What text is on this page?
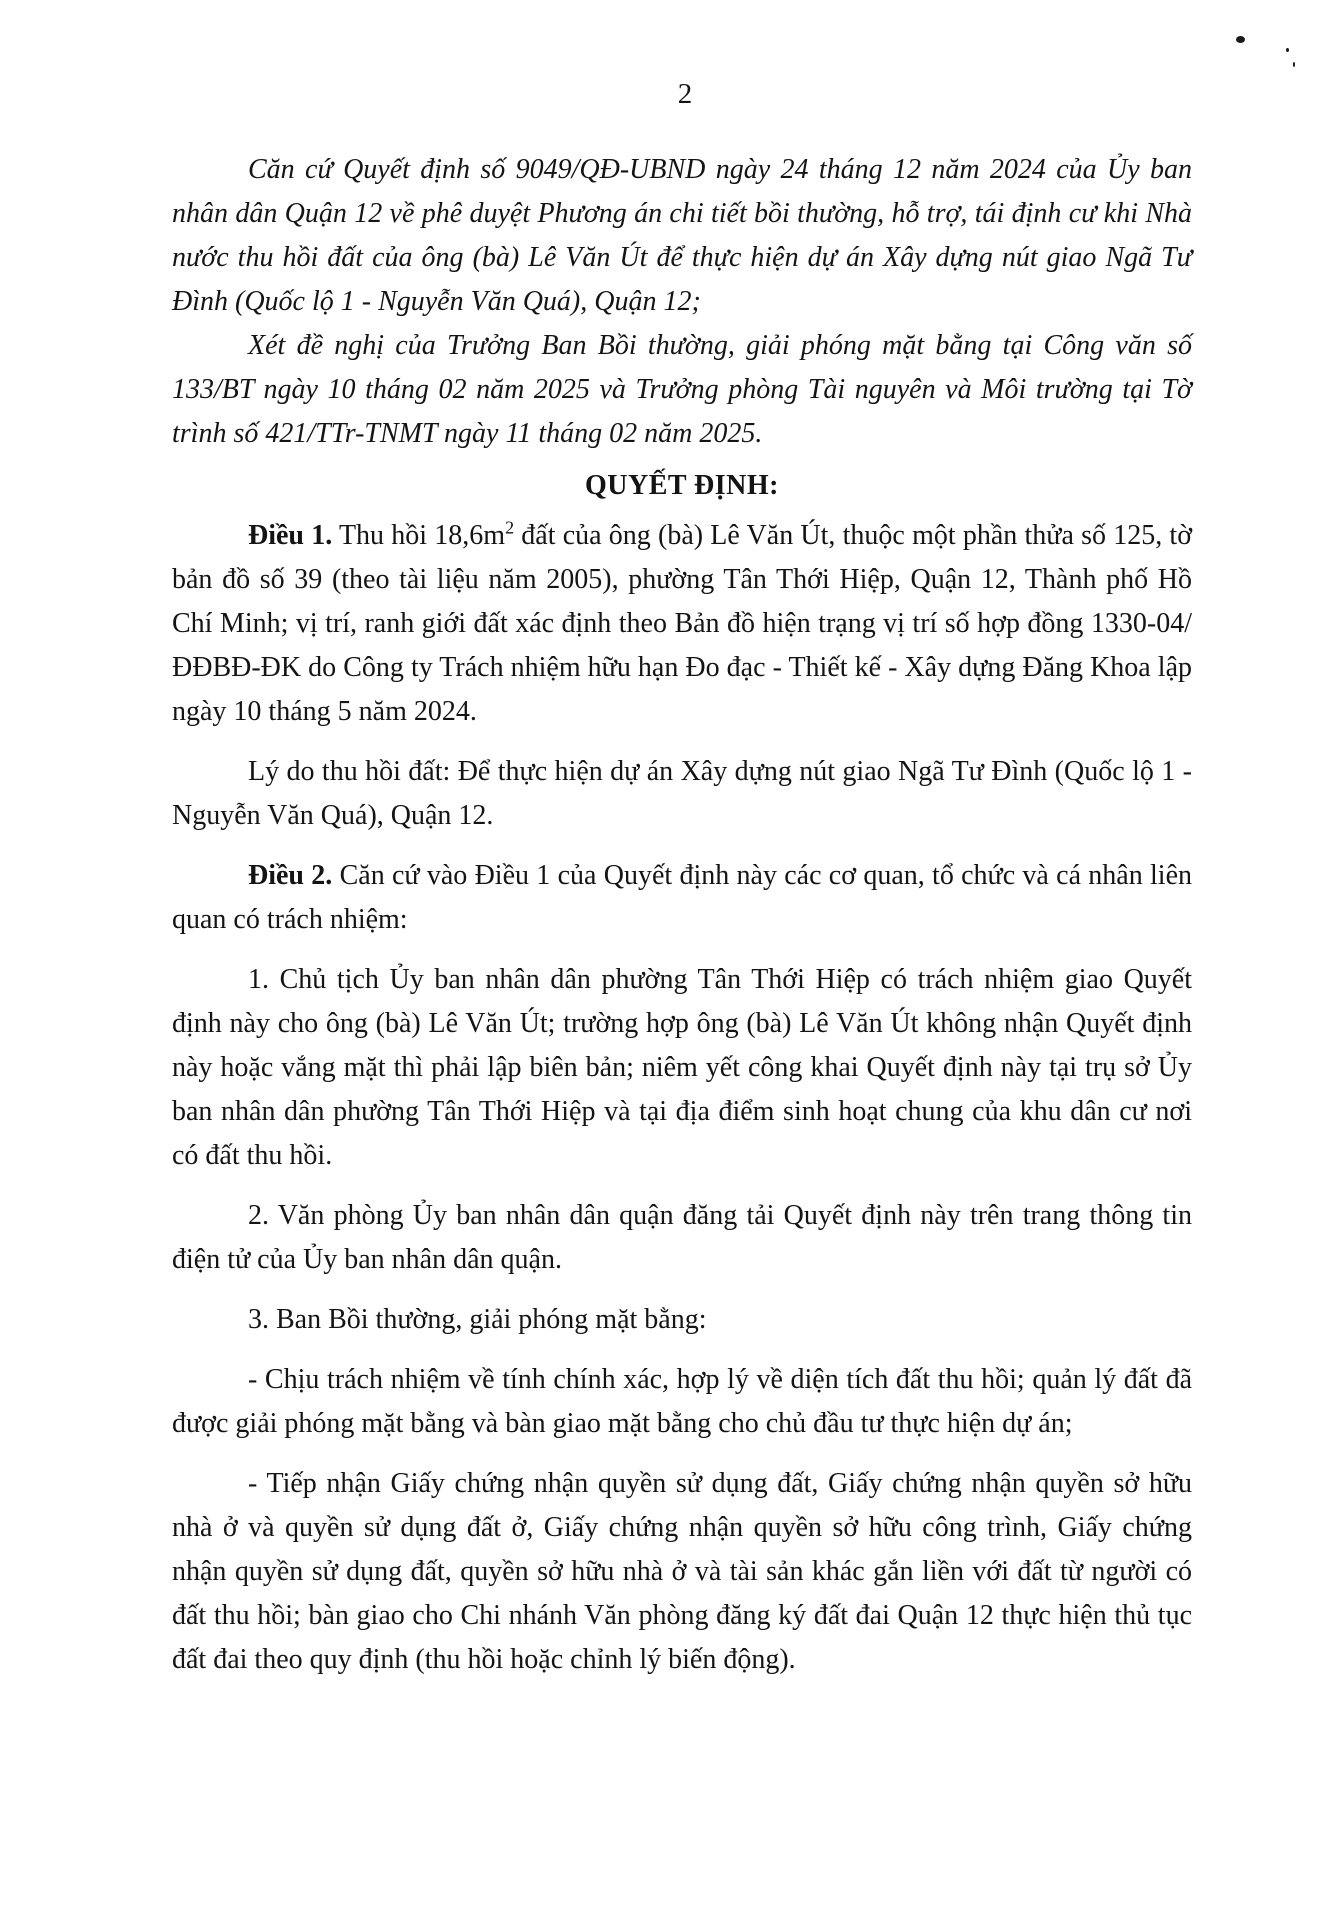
2

Căn cứ Quyết định số 9049/QĐ-UBND ngày 24 tháng 12 năm 2024 của Ủy ban nhân dân Quận 12 về phê duyệt Phương án chi tiết bồi thường, hỗ trợ, tái định cư khi Nhà nước thu hồi đất của ông (bà) Lê Văn Út để thực hiện dự án Xây dựng nút giao Ngã Tư Đình (Quốc lộ 1 - Nguyễn Văn Quá), Quận 12;

Xét đề nghị của Trưởng Ban Bồi thường, giải phóng mặt bằng tại Công văn số 133/BT ngày 10 tháng 02 năm 2025 và Trưởng phòng Tài nguyên và Môi trường tại Tờ trình số 421/TTr-TNMT ngày 11 tháng 02 năm 2025.

QUYẾT ĐỊNH:

Điều 1. Thu hồi $18,6m^2$ đất của ông (bà) Lê Văn Út, thuộc một phần thửa số 125, tờ bản đồ số 39 (theo tài liệu năm 2005), phường Tân Thới Hiệp, Quận 12, Thành phố Hồ Chí Minh; vị trí, ranh giới đất xác định theo Bản đồ hiện trạng vị trí số hợp đồng 1330-04/ĐĐBĐ-ĐK do Công ty Trách nhiệm hữu hạn Đo đạc - Thiết kế - Xây dựng Đăng Khoa lập ngày 10 tháng 5 năm 2024.

Lý do thu hồi đất: Để thực hiện dự án Xây dựng nút giao Ngã Tư Đình (Quốc lộ 1 - Nguyễn Văn Quá), Quận 12.

Điều 2. Căn cứ vào Điều 1 của Quyết định này các cơ quan, tổ chức và cá nhân liên quan có trách nhiệm:

1. Chủ tịch Ủy ban nhân dân phường Tân Thới Hiệp có trách nhiệm giao Quyết định này cho ông (bà) Lê Văn Út; trường hợp ông (bà) Lê Văn Út không nhận Quyết định này hoặc vắng mặt thì phải lập biên bản; niêm yết công khai Quyết định này tại trụ sở Ủy ban nhân dân phường Tân Thới Hiệp và tại địa điểm sinh hoạt chung của khu dân cư nơi có đất thu hồi.

2. Văn phòng Ủy ban nhân dân quận đăng tải Quyết định này trên trang thông tin điện tử của Ủy ban nhân dân quận.

3. Ban Bồi thường, giải phóng mặt bằng:

- Chịu trách nhiệm về tính chính xác, hợp lý về diện tích đất thu hồi; quản lý đất đã được giải phóng mặt bằng và bàn giao mặt bằng cho chủ đầu tư thực hiện dự án;

- Tiếp nhận Giấy chứng nhận quyền sử dụng đất, Giấy chứng nhận quyền sở hữu nhà ở và quyền sử dụng đất ở, Giấy chứng nhận quyền sở hữu công trình, Giấy chứng nhận quyền sử dụng đất, quyền sở hữu nhà ở và tài sản khác gắn liền với đất từ người có đất thu hồi; bàn giao cho Chi nhánh Văn phòng đăng ký đất đai Quận 12 thực hiện thủ tục đất đai theo quy định (thu hồi hoặc chỉnh lý biến động).
